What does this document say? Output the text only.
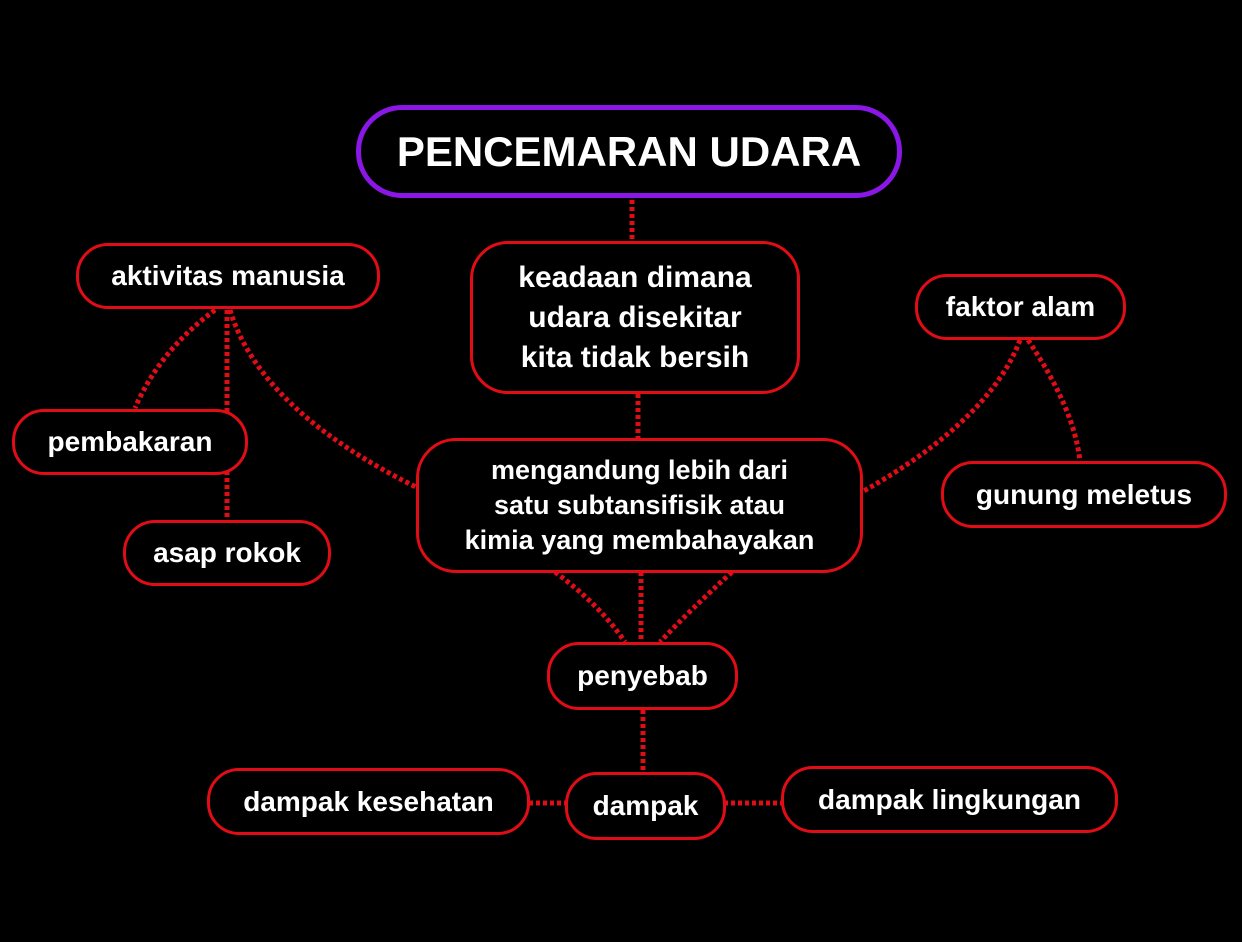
PENCEMARAN UDARA
keadaan dimana
udara disekitar
kita tidak bersih
aktivitas manusia
pembakaran
asap rokok
mengandung lebih dari
satu subtansifisik atau
kimia yang membahayakan
faktor alam
gunung meletus
penyebab
dampak
dampak kesehatan	dampak lingkungan
